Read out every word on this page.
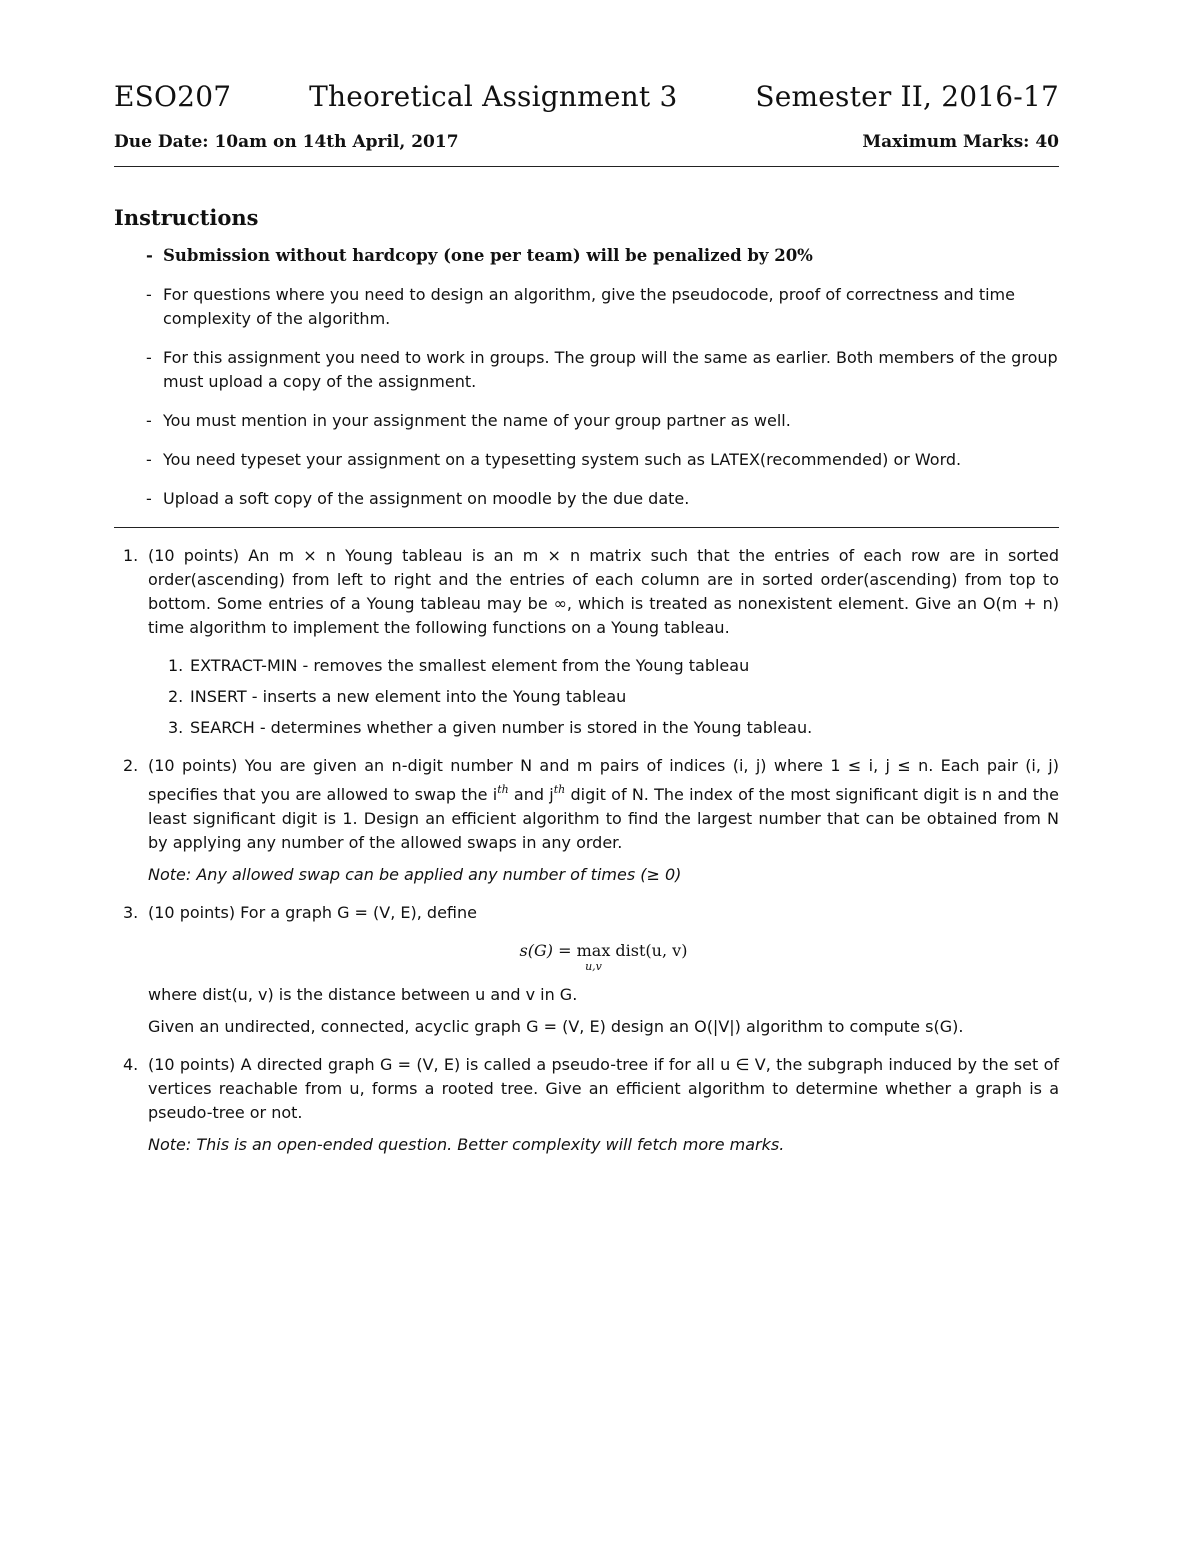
ESO207	Theoretical Assignment 3	Semester II, 2016-17
Due Date: 10am on 14th April, 2017	Maximum Marks: 40
Instructions
- Submission without hardcopy (one per team) will be penalized by 20%
- For questions where you need to design an algorithm, give the pseudocode, proof of correctness and time complexity of the algorithm.
- For this assignment you need to work in groups. The group will the same as earlier. Both members of the group must upload a copy of the assignment.
- You must mention in your assignment the name of your group partner as well.
- You need typeset your assignment on a typesetting system such as LATEX(recommended) or Word.
- Upload a soft copy of the assignment on moodle by the due date.
1. (10 points) An m × n Young tableau is an m × n matrix such that the entries of each row are in sorted order(ascending) from left to right and the entries of each column are in sorted order(ascending) from top to bottom. Some entries of a Young tableau may be ∞, which is treated as nonexistent element. Give an O(m + n) time algorithm to implement the following functions on a Young tableau.
1. EXTRACT-MIN - removes the smallest element from the Young tableau
2. INSERT - inserts a new element into the Young tableau
3. SEARCH - determines whether a given number is stored in the Young tableau.
2. (10 points) You are given an n-digit number N and m pairs of indices (i, j) where 1 ≤ i, j ≤ n. Each pair (i, j) specifies that you are allowed to swap the $i^{th}$ and $j^{th}$ digit of N. The index of the most significant digit is n and the least significant digit is 1. Design an efficient algorithm to find the largest number that can be obtained from N by applying any number of the allowed swaps in any order.
Note: Any allowed swap can be applied any number of times (≥ 0)
3. (10 points) For a graph G = (V, E), define
s(G) = max
u,v
dist(u, v)
where dist(u, v) is the distance between u and v in G.
Given an undirected, connected, acyclic graph G = (V, E) design an O(|V|) algorithm to compute s(G).
4. (10 points) A directed graph G = (V, E) is called a pseudo-tree if for all u ∈ V, the subgraph induced by the set of vertices reachable from u, forms a rooted tree. Give an efficient algorithm to determine whether a graph is a pseudo-tree or not.
Note: This is an open-ended question. Better complexity will fetch more marks.
